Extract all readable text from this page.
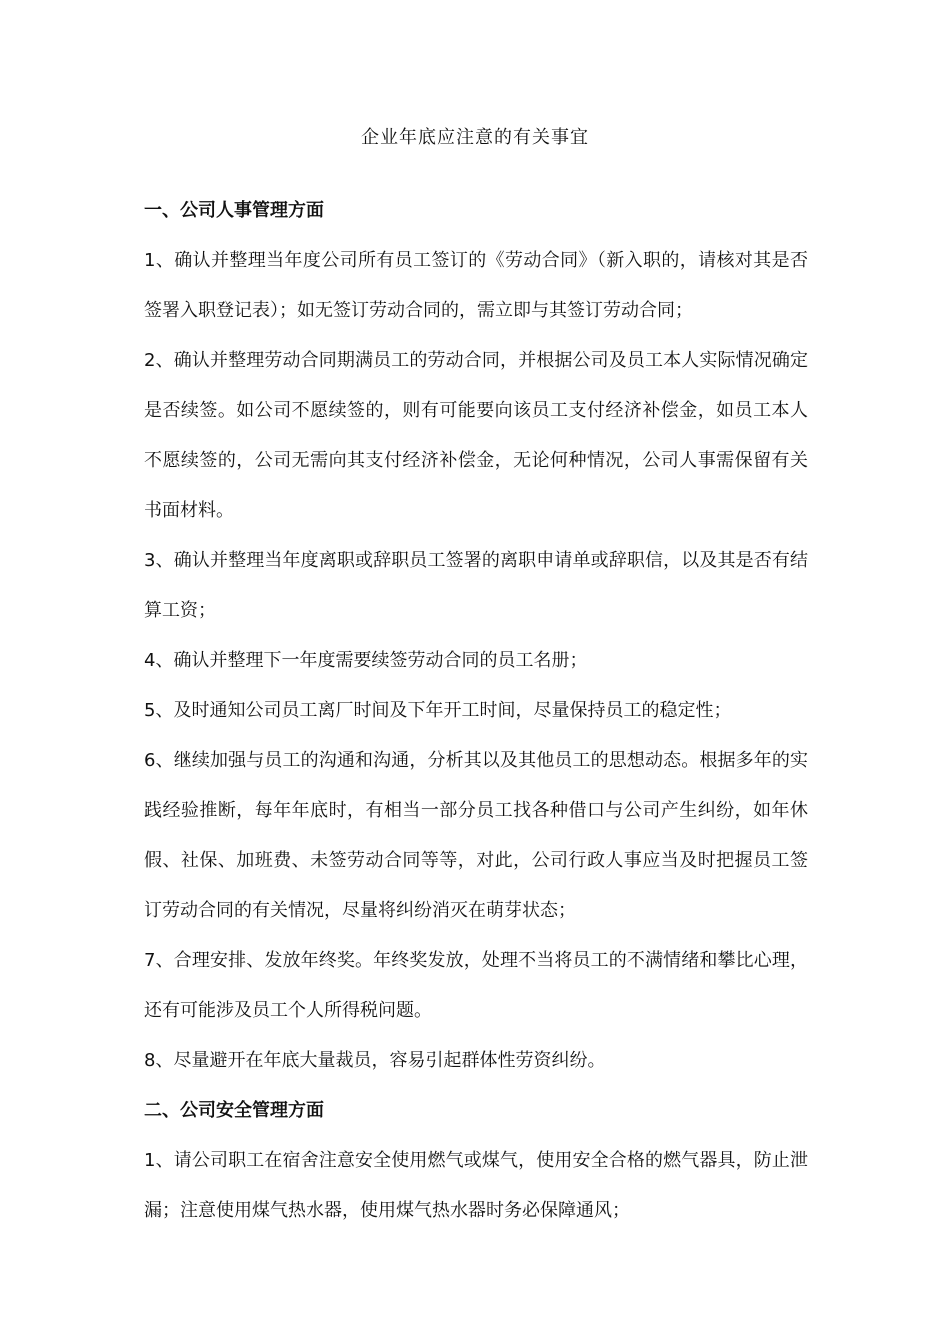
企业年底应注意的有关事宜

一、公司人事管理方面

1、确认并整理当年度公司所有员工签订的《劳动合同》（新入职的，请核对其是否签署入职登记表）；如无签订劳动合同的，需立即与其签订劳动合同；

2、确认并整理劳动合同期满员工的劳动合同，并根据公司及员工本人实际情况确定是否续签。如公司不愿续签的，则有可能要向该员工支付经济补偿金，如员工本人不愿续签的，公司无需向其支付经济补偿金，无论何种情况，公司人事需保留有关书面材料。

3、确认并整理当年度离职或辞职员工签署的离职申请单或辞职信，以及其是否有结算工资；

4、确认并整理下一年度需要续签劳动合同的员工名册；

5、及时通知公司员工离厂时间及下年开工时间，尽量保持员工的稳定性；

6、继续加强与员工的沟通和沟通，分析其以及其他员工的思想动态。根据多年的实践经验推断，每年年底时，有相当一部分员工找各种借口与公司产生纠纷，如年休假、社保、加班费、未签劳动合同等等，对此，公司行政人事应当及时把握员工签订劳动合同的有关情况，尽量将纠纷消灭在萌芽状态；

7、合理安排、发放年终奖。年终奖发放，处理不当将员工的不满情绪和攀比心理，还有可能涉及员工个人所得税问题。

8、尽量避开在年底大量裁员，容易引起群体性劳资纠纷。

二、公司安全管理方面

1、请公司职工在宿舍注意安全使用燃气或煤气，使用安全合格的燃气器具，防止泄漏；注意使用煤气热水器，使用煤气热水器时务必保障通风；
